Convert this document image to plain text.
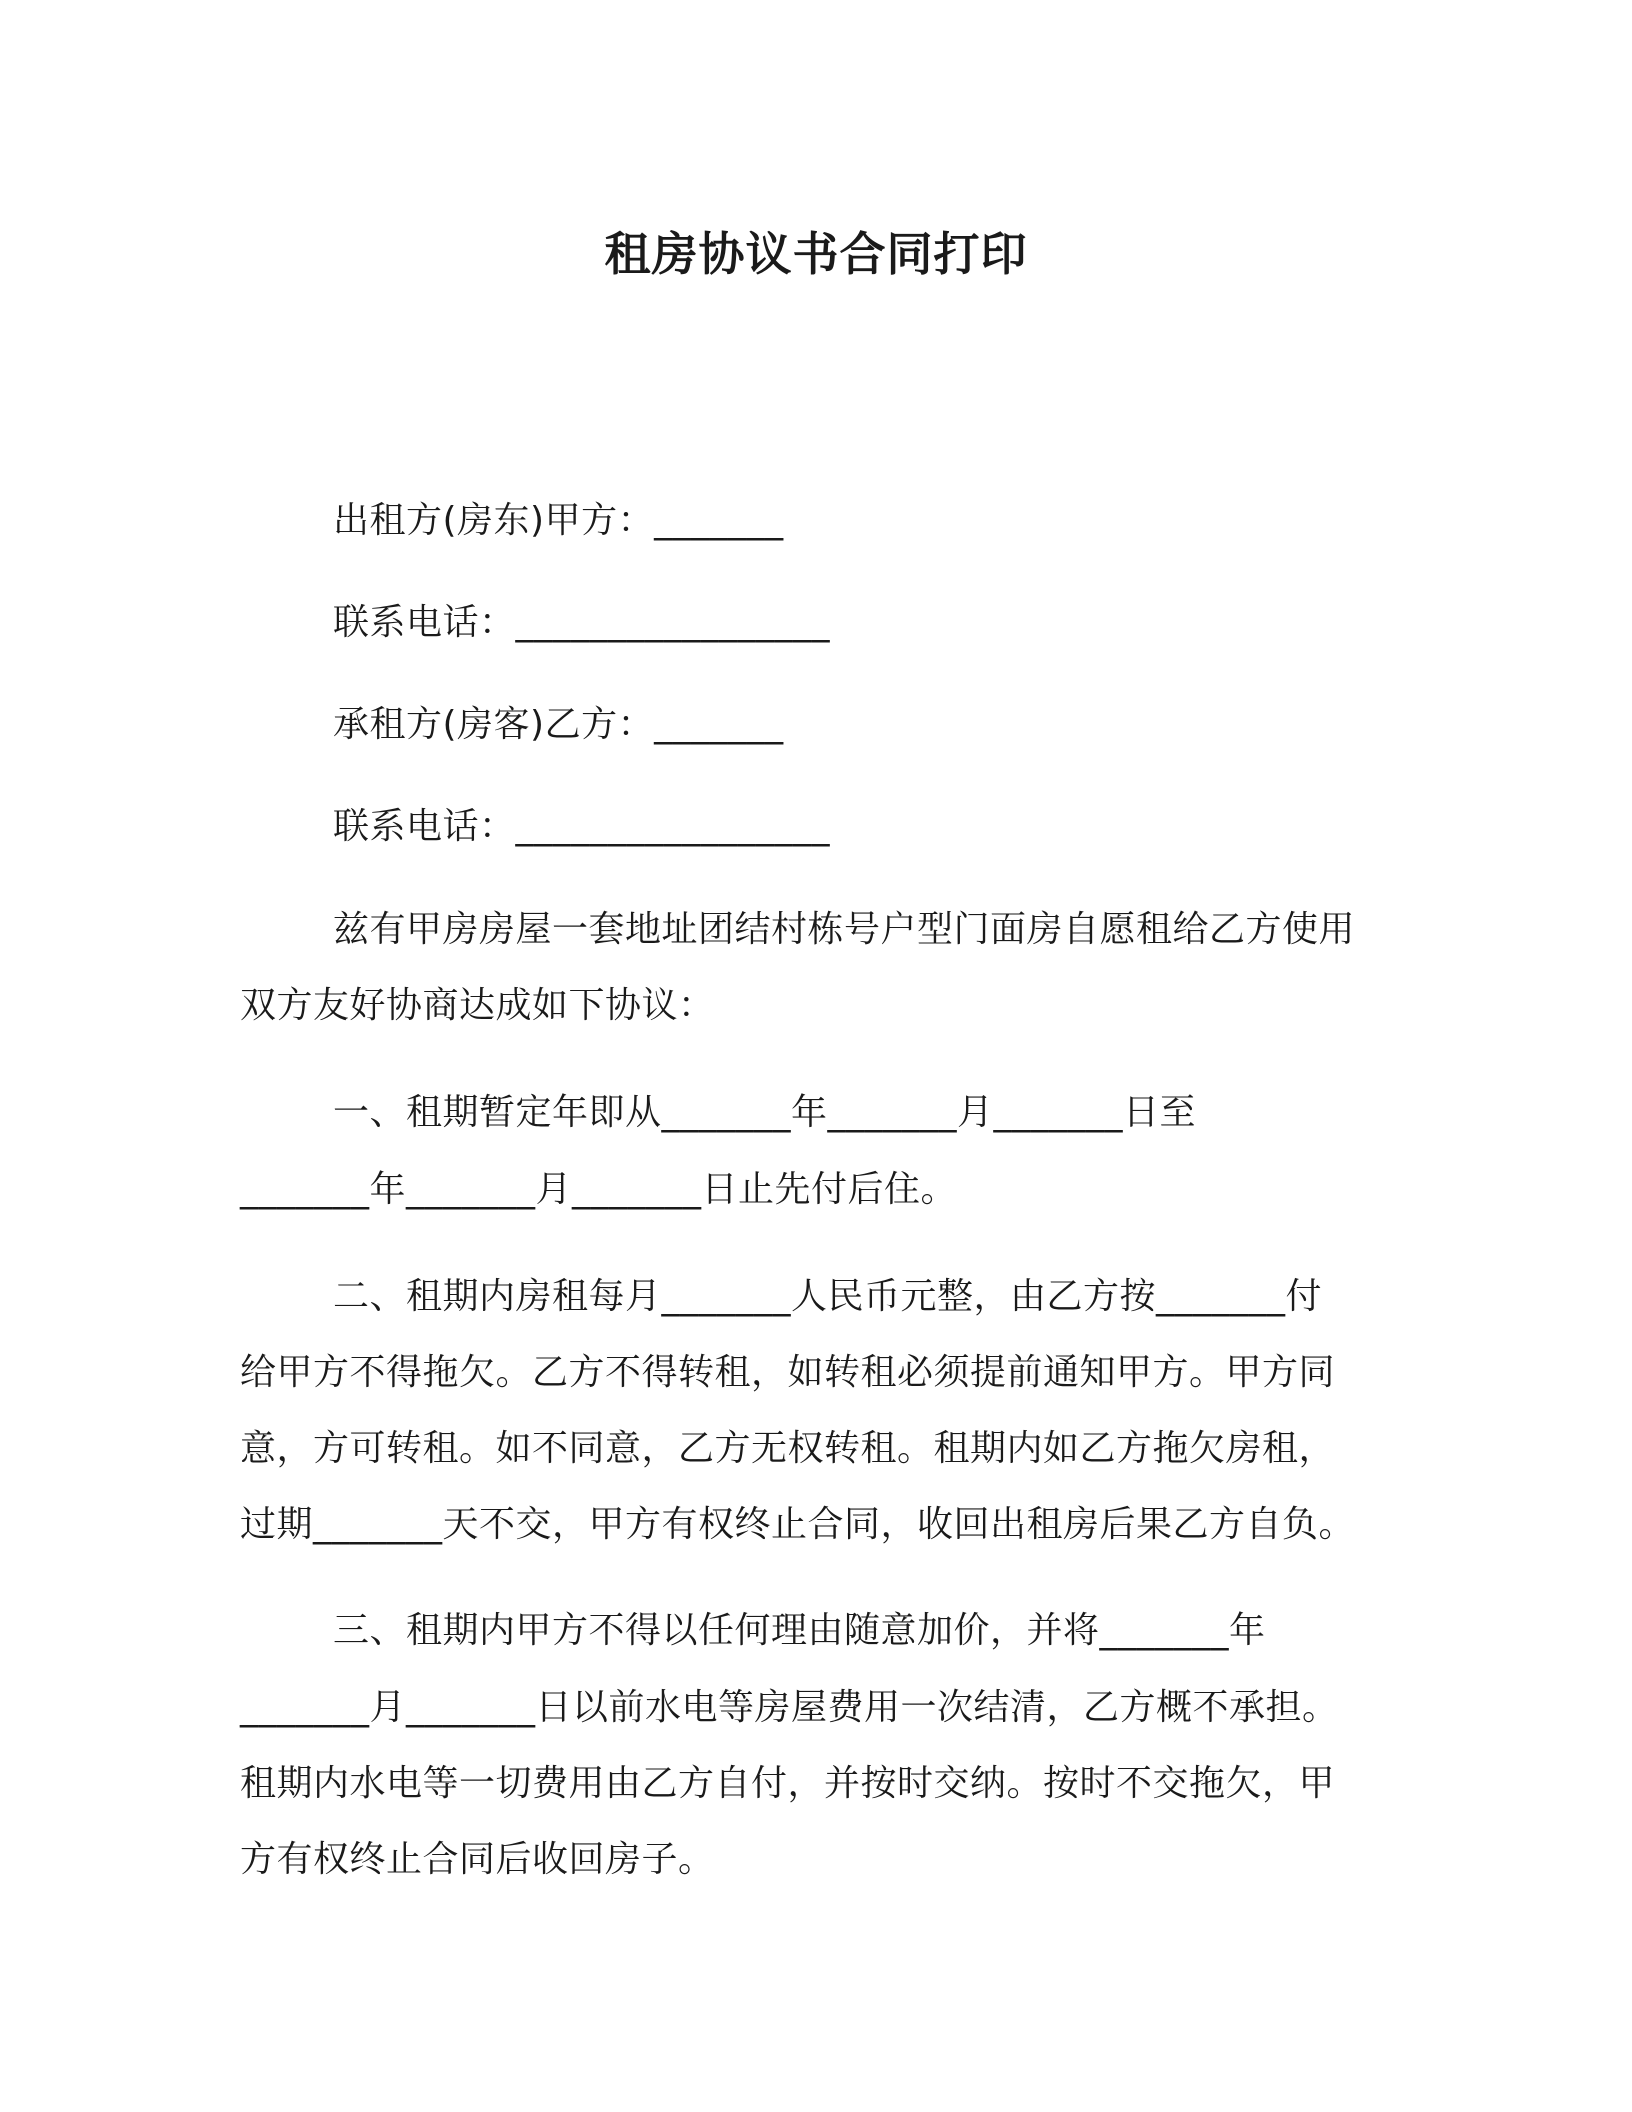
租房协议书合同打印
出租方(房东)甲方：_______
联系电话：_________________
承租方(房客)乙方：_______
联系电话：_________________
兹有甲房房屋一套地址团结村栋号户型门面房自愿租给乙方使用
双方友好协商达成如下协议：
一、租期暂定年即从_______年_______月_______日至
_______年_______月_______日止先付后住。
二、租期内房租每月_______人民币元整，由乙方按_______付
给甲方不得拖欠。乙方不得转租，如转租必须提前通知甲方。甲方同
意，方可转租。如不同意，乙方无权转租。租期内如乙方拖欠房租，
过期_______天不交，甲方有权终止合同，收回出租房后果乙方自负。
三、租期内甲方不得以任何理由随意加价，并将_______年
_______月_______日以前水电等房屋费用一次结清，乙方概不承担。
租期内水电等一切费用由乙方自付，并按时交纳。按时不交拖欠，甲
方有权终止合同后收回房子。
